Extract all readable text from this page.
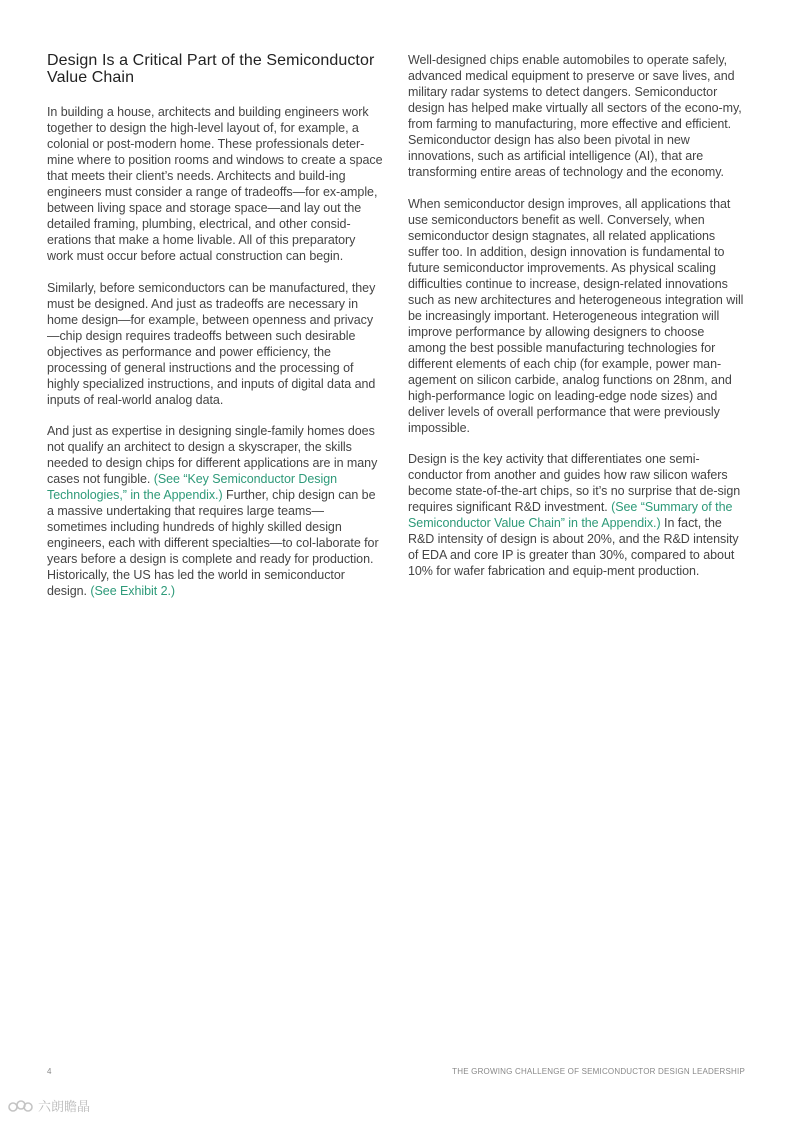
Design Is a Critical Part of the Semiconductor Value Chain

In building a house, architects and building engineers work together to design the high-level layout of, for example, a colonial or post-modern home. These professionals deter-mine where to position rooms and windows to create a space that meets their client’s needs. Architects and build-ing engineers must consider a range of tradeoffs—for ex-ample, between living space and storage space—and lay out the detailed framing, plumbing, electrical, and other consid-erations that make a home livable. All of this preparatory work must occur before actual construction can begin.

Similarly, before semiconductors can be manufactured, they must be designed. And just as tradeoffs are necessary in home design—for example, between openness and privacy—chip design requires tradeoffs between such desirable objectives as performance and power efficiency, the processing of general instructions and the processing of highly specialized instructions, and inputs of digital data and inputs of real-world analog data.

And just as expertise in designing single-family homes does not qualify an architect to design a skyscraper, the skills needed to design chips for different applications are in many cases not fungible. (See “Key Semiconductor Design Technologies,” in the Appendix.) Further, chip design can be a massive undertaking that requires large teams—sometimes including hundreds of highly skilled design engineers, each with different specialties—to col-laborate for years before a design is complete and ready for production. Historically, the US has led the world in semiconductor design. (See Exhibit 2.)

Well-designed chips enable automobiles to operate safely, advanced medical equipment to preserve or save lives, and military radar systems to detect dangers. Semiconductor design has helped make virtually all sectors of the econo-my, from farming to manufacturing, more effective and efficient. Semiconductor design has also been pivotal in new innovations, such as artificial intelligence (AI), that are transforming entire areas of technology and the economy.

When semiconductor design improves, all applications that use semiconductors benefit as well. Conversely, when semiconductor design stagnates, all related applications suffer too. In addition, design innovation is fundamental to future semiconductor improvements. As physical scaling difficulties continue to increase, design-related innovations such as new architectures and heterogeneous integration will be increasingly important. Heterogeneous integration will improve performance by allowing designers to choose among the best possible manufacturing technologies for different elements of each chip (for example, power man-agement on silicon carbide, analog functions on 28nm, and high-performance logic on leading-edge node sizes) and deliver levels of overall performance that were previously impossible.

Design is the key activity that differentiates one semi-conductor from another and guides how raw silicon wafers become state-of-the-art chips, so it’s no surprise that de-sign requires significant R&D investment. (See “Summary of the Semiconductor Value Chain” in the Appendix.) In fact, the R&D intensity of design is about 20%, and the R&D intensity of EDA and core IP is greater than 30%, compared to about 10% for wafer fabrication and equip-ment production.

4	THE GROWING CHALLENGE OF SEMICONDUCTOR DESIGN LEADERSHIP
六朗瞻晶
